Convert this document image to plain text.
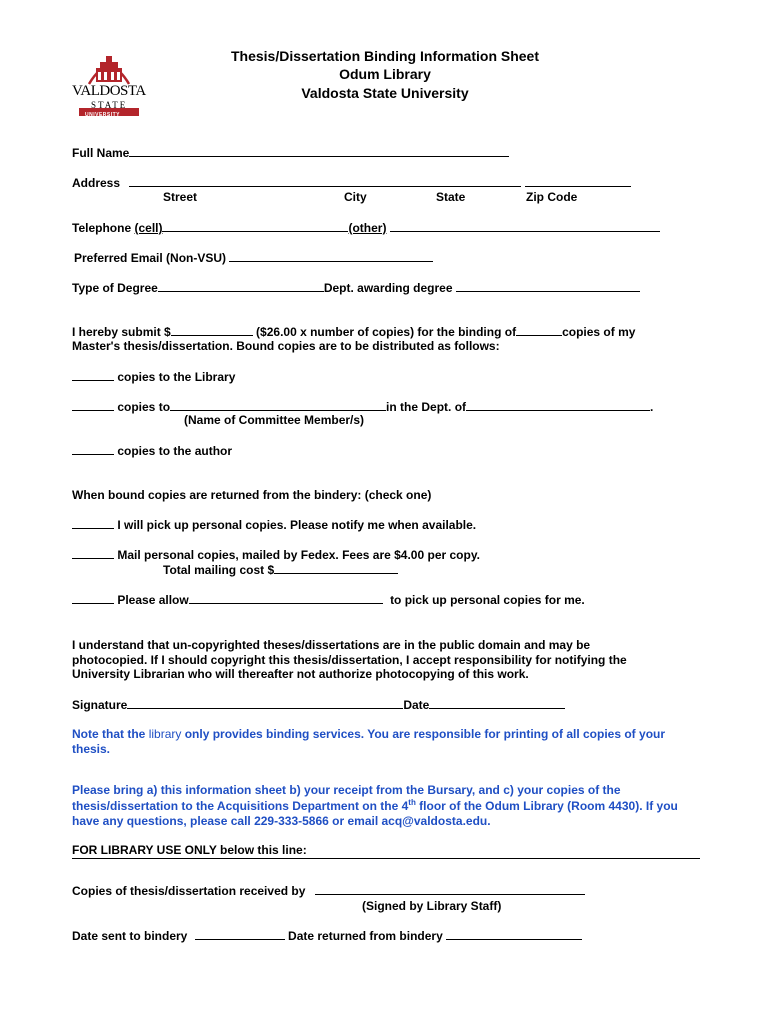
VALDOSTA
STATE
UNIVERSITY
Thesis/Dissertation Binding Information Sheet
Odum Library
Valdosta State University
Full Name
Address
Street	City	State	Zip Code
Telephone (cell)	(other)
Preferred Email (Non-VSU)
Type of Degree	Dept. awarding degree
I hereby submit $	($26.00 x number of copies) for the binding of	copies of my
Master's thesis/dissertation. Bound copies are to be distributed as follows:
copies to the Library
copies to	in the Dept. of	.
(Name of Committee Member/s)
copies to the author
When bound copies are returned from the bindery: (check one)
I will pick up personal copies. Please notify me when available.
Mail personal copies, mailed by Fedex. Fees are $4.00 per copy.
Total mailing cost $
Please allow	to pick up personal copies for me.
I understand that un-copyrighted theses/dissertations are in the public domain and may be photocopied. If I should copyright this thesis/dissertation, I accept responsibility for notifying the University Librarian who will thereafter not authorize photocopying of this work.
Signature	Date
Note that the library only provides binding services. You are responsible for printing of all copies of your thesis.
Please bring a) this information sheet b) your receipt from the Bursary, and c) your copies of the thesis/dissertation to the Acquisitions Department on the 4th floor of the Odum Library (Room 4430). If you have any questions, please call 229-333-5866 or email acq@valdosta.edu.
FOR LIBRARY USE ONLY below this line:
Copies of thesis/dissertation received by
(Signed by Library Staff)
Date sent to bindery	Date returned from bindery
